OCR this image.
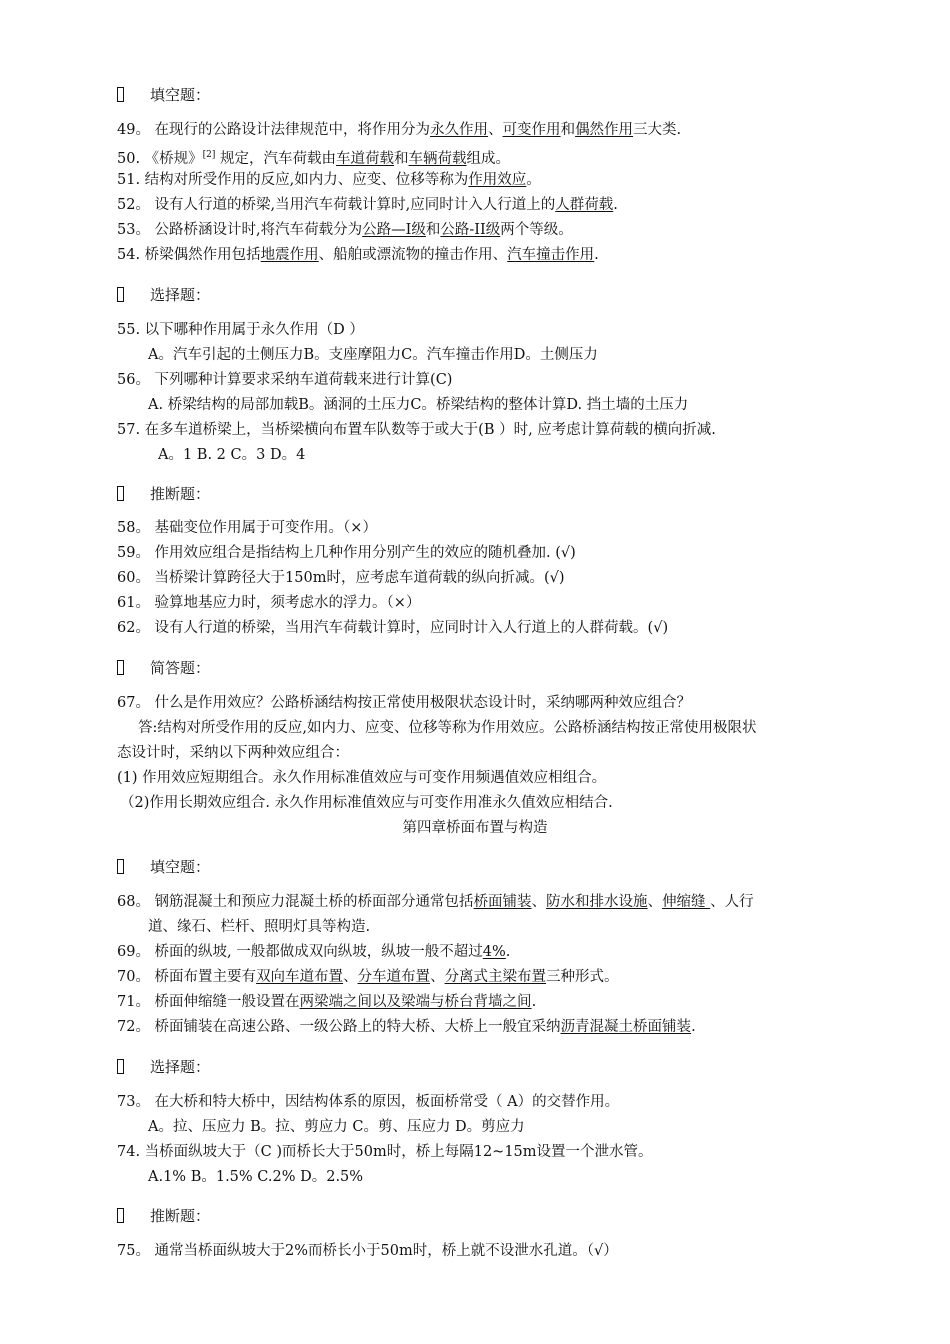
填空题：
49。 在现行的公路设计法律规范中，将作用分为永久作用、可变作用和偶然作用三大类.
50. 《桥规》[2] 规定，汽车荷载由车道荷载和车辆荷载组成。
51. 结构对所受作用的反应,如内力、应变、位移等称为作用效应。
52。 设有人行道的桥梁,当用汽车荷载计算时,应同时计入人行道上的人群荷载.
53。 公路桥涵设计时,将汽车荷载分为公路—I级和公路-II级两个等级。
54. 桥梁偶然作用包括地震作用、船舶或漂流物的撞击作用、汽车撞击作用.
选择题：
55. 以下哪种作用属于永久作用（D ）
A。汽车引起的土侧压力B。支座摩阻力C。汽车撞击作用D。土侧压力
56。 下列哪种计算要求采纳车道荷载来进行计算(C)
A. 桥梁结构的局部加载B。涵洞的土压力C。桥梁结构的整体计算D. 挡土墙的土压力
57. 在多车道桥梁上，当桥梁横向布置车队数等于或大于(B ）时, 应考虑计算荷载的横向折减.
A。1 B. 2 C。3 D。4
推断题：
58。 基础变位作用属于可变作用。（×）
59。 作用效应组合是指结构上几种作用分别产生的效应的随机叠加. (√)
60。 当桥梁计算跨径大于150m时，应考虑车道荷载的纵向折减。(√)
61。 验算地基应力时，须考虑水的浮力。（×）
62。 设有人行道的桥梁，当用汽车荷载计算时，应同时计入人行道上的人群荷载。(√)
简答题：
67。 什么是作用效应？公路桥涵结构按正常使用极限状态设计时，采纳哪两种效应组合？
答:结构对所受作用的反应,如内力、应变、位移等称为作用效应。公路桥涵结构按正常使用极限状
态设计时，采纳以下两种效应组合：
(1) 作用效应短期组合。永久作用标准值效应与可变作用频遇值效应相组合。
（2)作用长期效应组合. 永久作用标准值效应与可变作用准永久值效应相结合.
第四章桥面布置与构造
填空题：
68。 钢筋混凝土和预应力混凝土桥的桥面部分通常包括桥面铺装、防水和排水设施、伸缩缝 、人行
道、缘石、栏杆、照明灯具等构造.
69。 桥面的纵坡, 一般都做成双向纵坡，纵坡一般不超过4%.
70。 桥面布置主要有双向车道布置、分车道布置、分离式主梁布置三种形式。
71。 桥面伸缩缝一般设置在两梁端之间以及梁端与桥台背墙之间.
72。 桥面铺装在高速公路、一级公路上的特大桥、大桥上一般宜采纳沥青混凝土桥面铺装.
选择题：
73。 在大桥和特大桥中，因结构体系的原因，板面桥常受（ A）的交替作用。
A。拉、压应力 B。拉、剪应力 C。剪、压应力 D。剪应力
74. 当桥面纵坡大于（C )而桥长大于50m时，桥上每隔12~15m设置一个泄水管。
A.1% B。1.5% C.2% D。2.5%
推断题：
75。 通常当桥面纵坡大于2%而桥长小于50m时，桥上就不设泄水孔道。（√）
